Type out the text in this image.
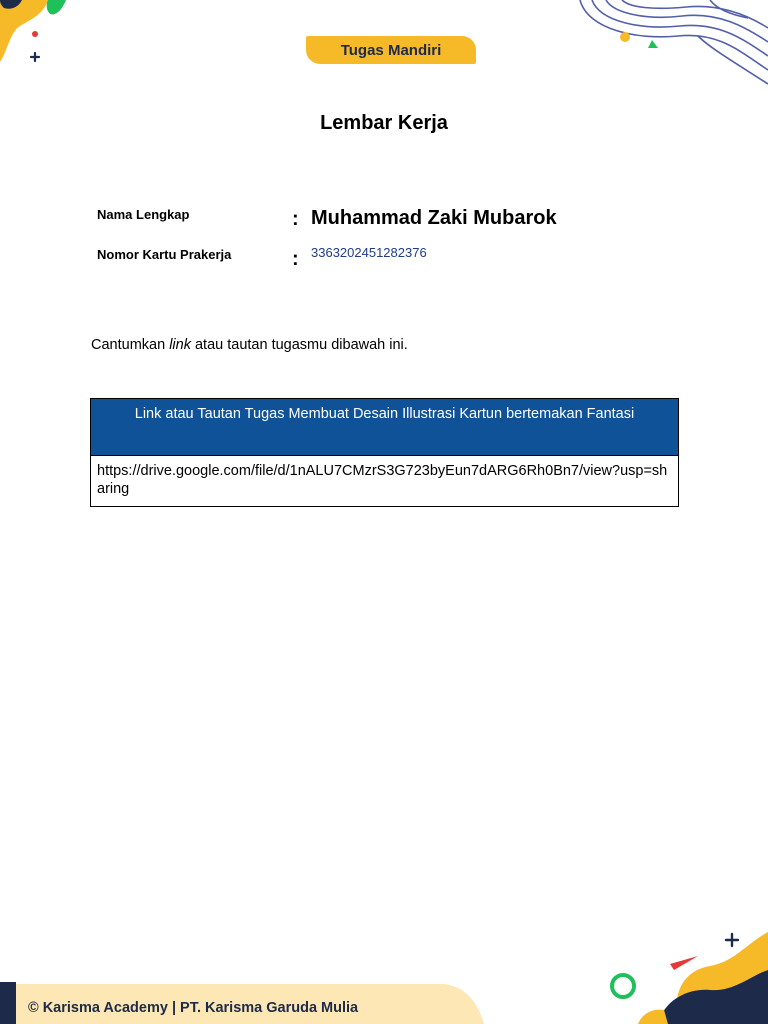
Tugas Mandiri
Lembar Kerja
Nama Lengkap	: Muhammad Zaki Mubarok
Nomor Kartu Prakerja	: 3363202451282376
Cantumkan link atau tautan tugasmu dibawah ini.
Link atau Tautan Tugas Membuat Desain Illustrasi Kartun bertemakan Fantasi
https://drive.google.com/file/d/1nALU7CMzrS3G723byEun7dARG6Rh0Bn7/view?usp=sharing
© Karisma Academy | PT. Karisma Garuda Mulia
